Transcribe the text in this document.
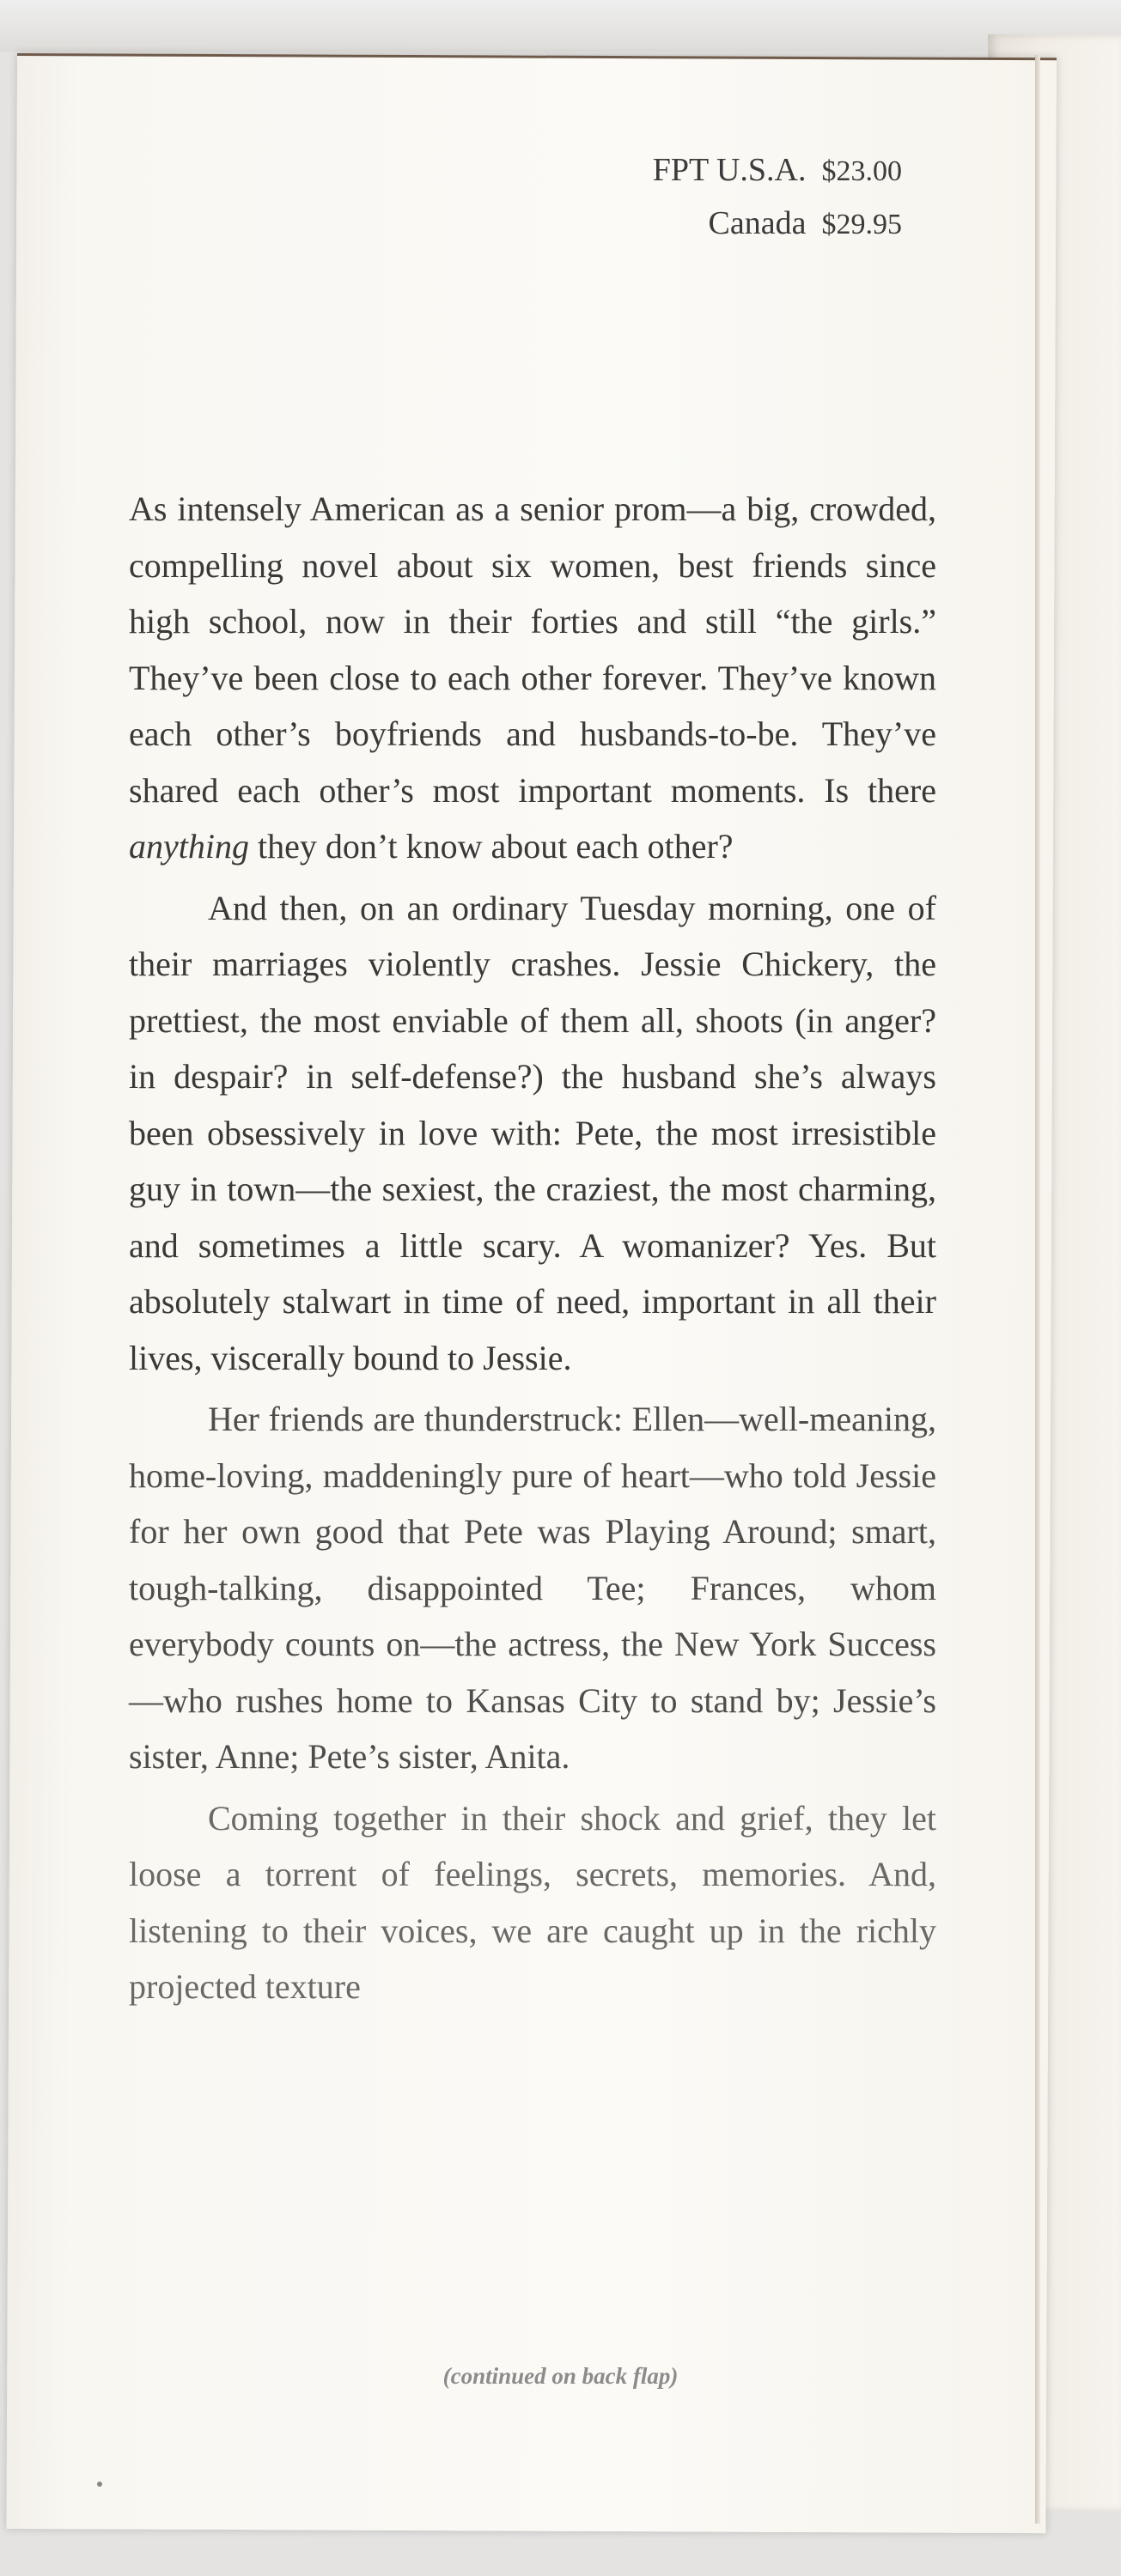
FPT U.S.A. $23.00
Canada $29.95

As intensely American as a senior prom—a big, crowded, compelling novel about six women, best friends since high school, now in their forties and still “the girls.” They’ve been close to each other forever. They’ve known each other’s boyfriends and husbands-to-be. They’ve shared each other’s most important moments. Is there anything they don’t know about each other?

And then, on an ordinary Tuesday morning, one of their marriages violently crashes. Jessie Chickery, the prettiest, the most enviable of them all, shoots (in anger? in despair? in self-defense?) the husband she’s always been obsessively in love with: Pete, the most irresistible guy in town—the sexiest, the craziest, the most charming, and sometimes a little scary. A womanizer? Yes. But absolutely stalwart in time of need, important in all their lives, viscerally bound to Jessie.

Her friends are thunderstruck: Ellen—well-meaning, home-loving, maddeningly pure of heart—who told Jessie for her own good that Pete was Playing Around; smart, tough-talking, disappointed Tee; Frances, whom everybody counts on—the actress, the New York Success—who rushes home to Kansas City to stand by; Jessie’s sister, Anne; Pete’s sister, Anita.

Coming together in their shock and grief, they let loose a torrent of feelings, secrets, memories. And, listening to their voices, we are caught up in the richly projected texture

(continued on back flap)
